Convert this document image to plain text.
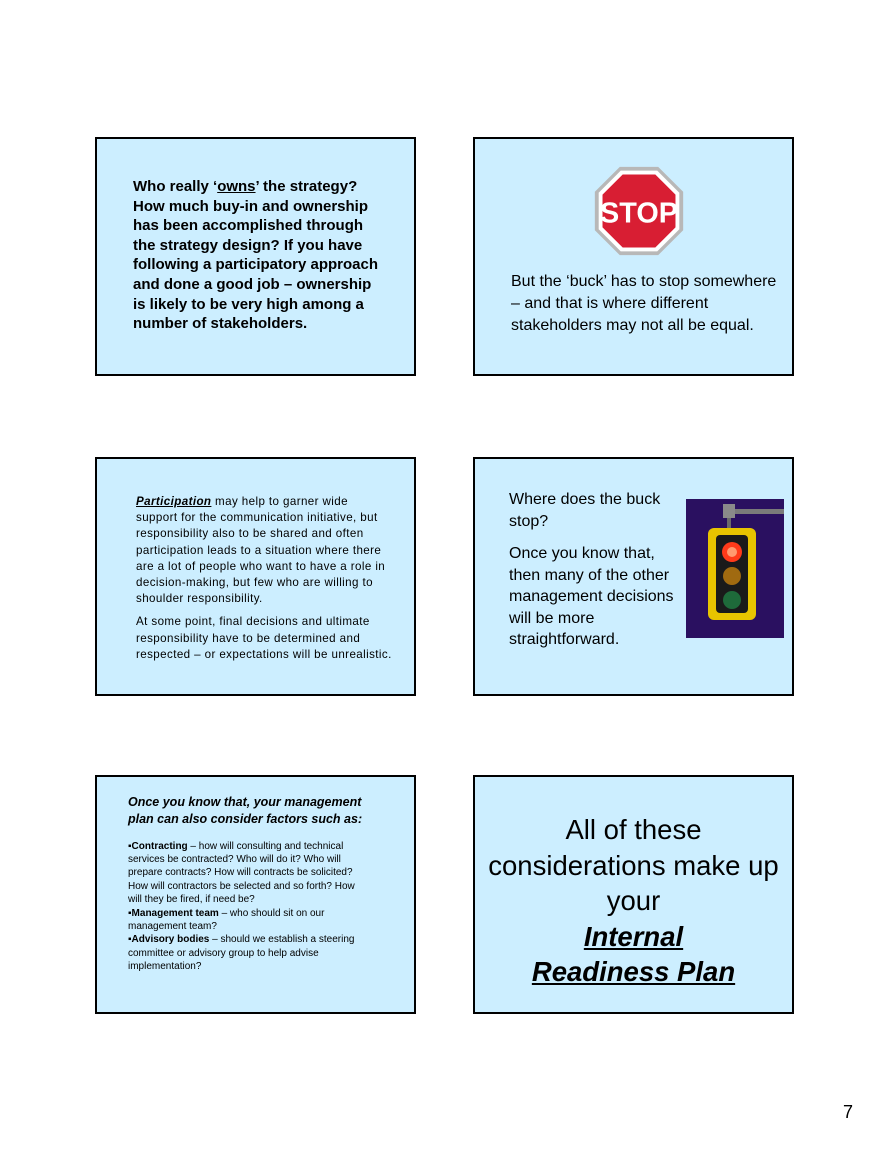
Who really ‘owns’ the strategy? How much buy-in and ownership has been accomplished through the strategy design? If you have following a participatory approach and done a good job – ownership is likely to be very high among a number of stakeholders.
STOP
But the ‘buck’ has to stop somewhere – and that is where different stakeholders may not all be equal.

Participation may help to garner wide support for the communication initiative, but responsibility also to be shared and often participation leads to a situation where there are a lot of people who want to have a role in decision-making, but few who are willing to shoulder responsibility.

At some point, final decisions and ultimate responsibility have to be determined and respected – or expectations will be unrealistic.

Where does the buck stop?

Once you know that, then many of the other management decisions will be more straightforward.

Once you know that, your management plan can also consider factors such as:
▪Contracting – how will consulting and technical services be contracted? Who will do it? Who will prepare contracts? How will contracts be solicited? How will contractors be selected and so forth? How will they be fired, if need be?
▪Management team – who should sit on our management team?
▪Advisory bodies – should we establish a steering committee or advisory group to help advise implementation?
All of these considerations make up your
Internal
Readiness Plan
7
